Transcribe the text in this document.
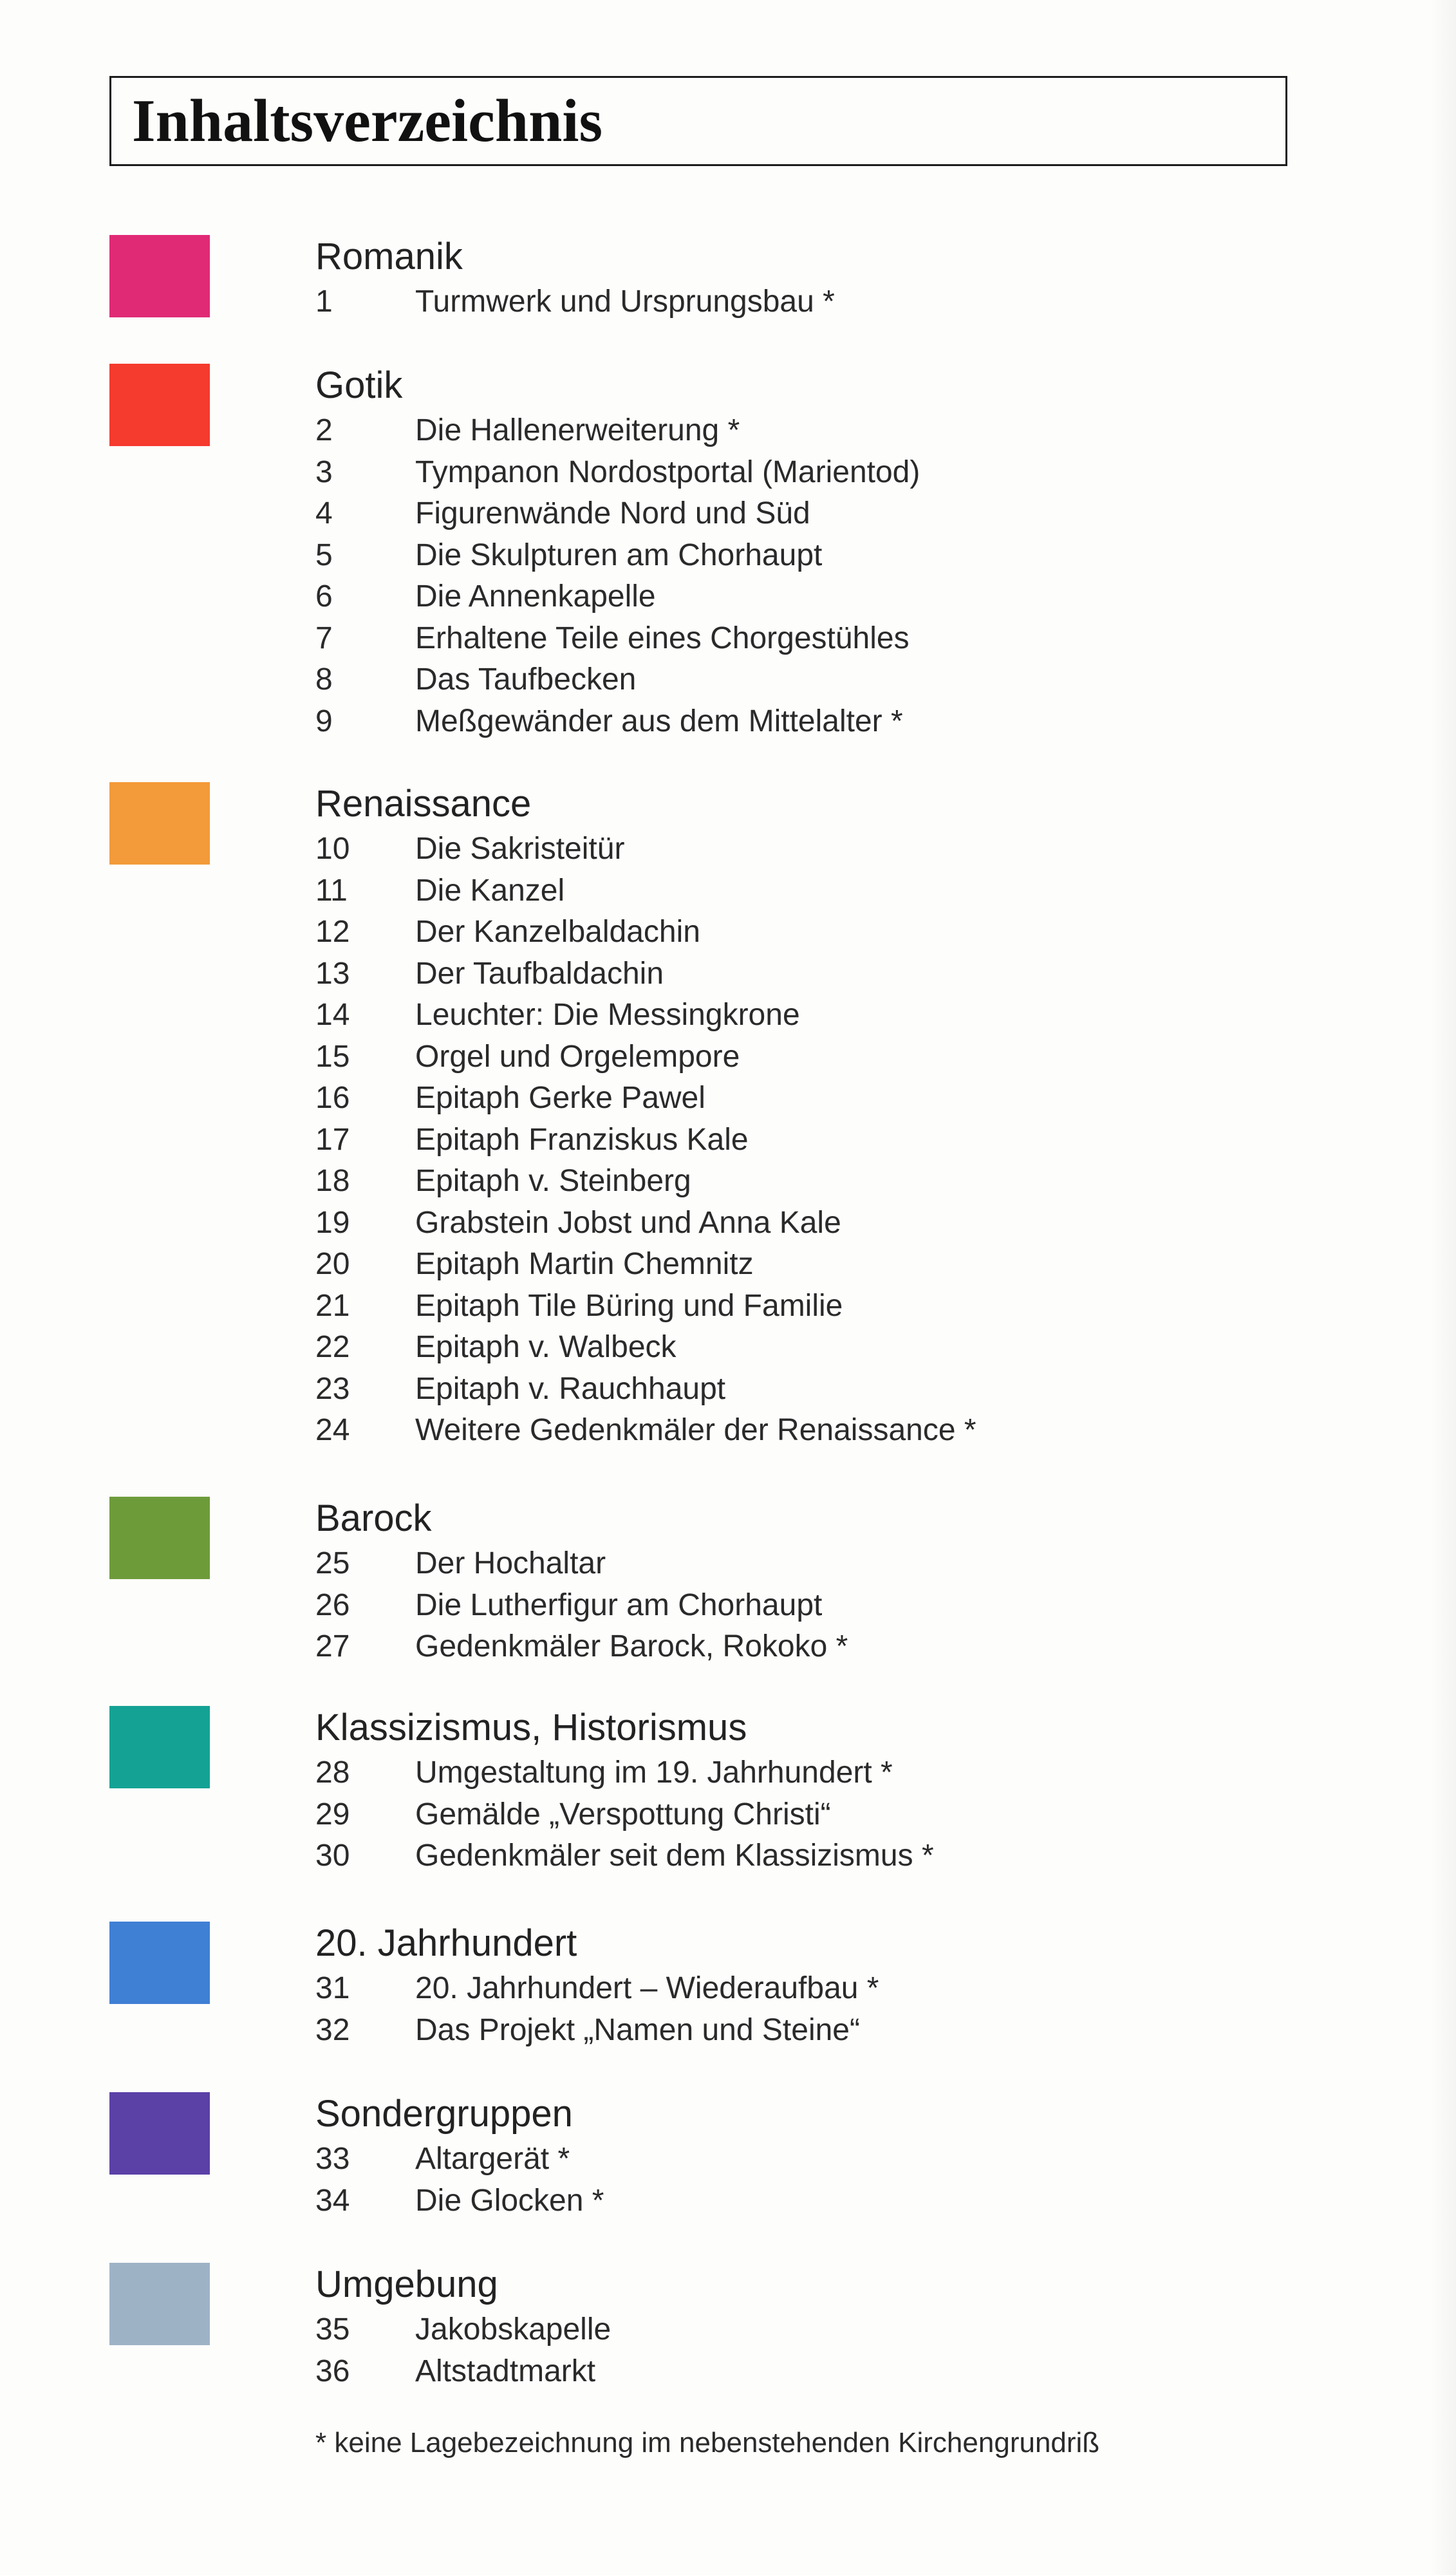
Inhaltsverzeichnis
Romanik
1	Turmwerk und Ursprungsbau *
Gotik
2	Die Hallenerweiterung *
3	Tympanon Nordostportal (Marientod)
4	Figurenwände Nord und Süd
5	Die Skulpturen am Chorhaupt
6	Die Annenkapelle
7	Erhaltene Teile eines Chorgestühles
8	Das Taufbecken
9	Meßgewänder aus dem Mittelalter *
Renaissance
10 Die Sakristeitür
11 Die Kanzel
12 Der Kanzelbaldachin
13 Der Taufbaldachin
14 Leuchter: Die Messingkrone
15 Orgel und Orgelempore
16 Epitaph Gerke Pawel
17 Epitaph Franziskus Kale
18 Epitaph v. Steinberg
19 Grabstein Jobst und Anna Kale
20 Epitaph Martin Chemnitz
21 Epitaph Tile Büring und Familie
22 Epitaph v. Walbeck
23 Epitaph v. Rauchhaupt
24 Weitere Gedenkmäler der Renaissance *
Barock
25 Der Hochaltar
26 Die Lutherfigur am Chorhaupt
27 Gedenkmäler Barock, Rokoko *
Klassizismus, Historismus
28 Umgestaltung im 19. Jahrhundert *
29 Gemälde „Verspottung Christi“
30 Gedenkmäler seit dem Klassizismus *
20. Jahrhundert
31 20. Jahrhundert – Wiederaufbau *
32 Das Projekt „Namen und Steine“
Sondergruppen
33 Altargerät *
34 Die Glocken *
Umgebung
35 Jakobskapelle
36 Altstadtmarkt
* keine Lagebezeichnung im nebenstehenden Kirchengrundriß
